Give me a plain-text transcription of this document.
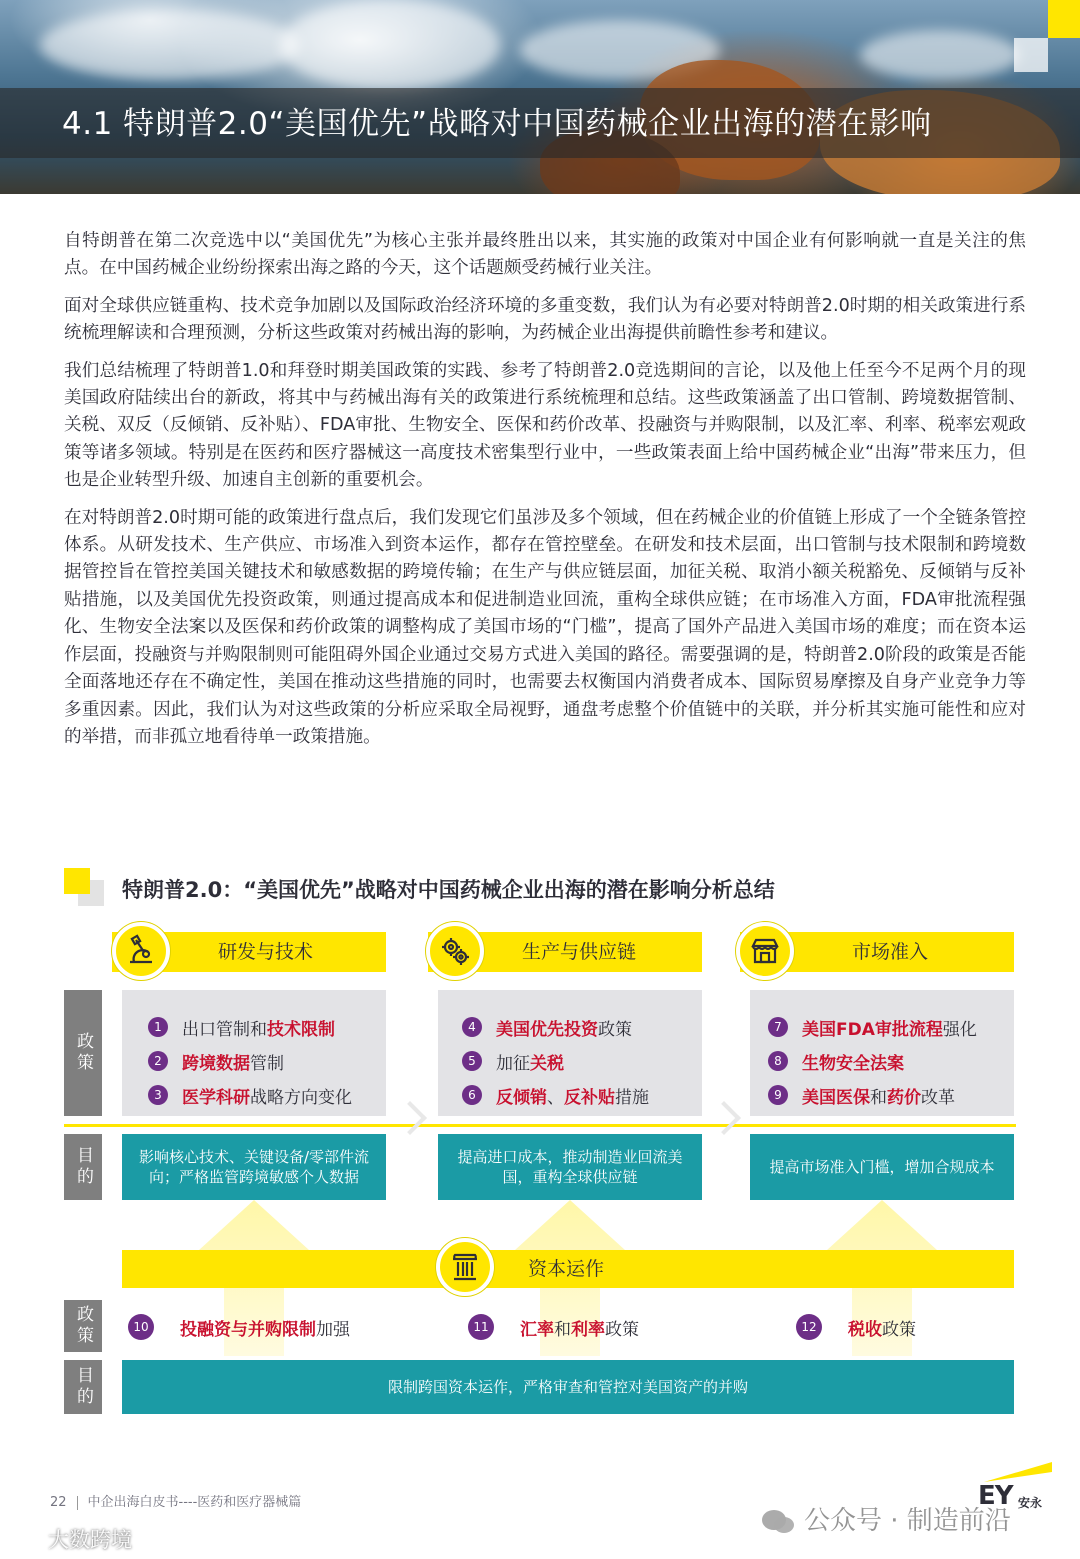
4.1 特朗普2.0“美国优先”战略对中国药械企业出海的潜在影响

自特朗普在第二次竞选中以“美国优先”为核心主张并最终胜出以来，其实施的政策对中国企业有何影响就一直是关注的焦点。在中国药械企业纷纷探索出海之路的今天，这个话题颇受药械行业关注。

面对全球供应链重构、技术竞争加剧以及国际政治经济环境的多重变数，我们认为有必要对特朗普2.0时期的相关政策进行系统梳理解读和合理预测，分析这些政策对药械出海的影响，为药械企业出海提供前瞻性参考和建议。

我们总结梳理了特朗普1.0和拜登时期美国政策的实践、参考了特朗普2.0竞选期间的言论，以及他上任至今不足两个月的现美国政府陆续出台的新政，将其中与药械出海有关的政策进行系统梳理和总结。这些政策涵盖了出口管制、跨境数据管制、关税、双反（反倾销、反补贴）、FDA审批、生物安全、医保和药价改革、投融资与并购限制，以及汇率、利率、税率宏观政策等诸多领域。特别是在医药和医疗器械这一高度技术密集型行业中，一些政策表面上给中国药械企业“出海”带来压力，但也是企业转型升级、加速自主创新的重要机会。

在对特朗普2.0时期可能的政策进行盘点后，我们发现它们虽涉及多个领域，但在药械企业的价值链上形成了一个全链条管控体系。从研发技术、生产供应、市场准入到资本运作，都存在管控壁垒。在研发和技术层面，出口管制与技术限制和跨境数据管控旨在管控美国关键技术和敏感数据的跨境传输；在生产与供应链层面，加征关税、取消小额关税豁免、反倾销与反补贴措施，以及美国优先投资政策，则通过提高成本和促进制造业回流，重构全球供应链；在市场准入方面，FDA审批流程强化、生物安全法案以及医保和药价政策的调整构成了美国市场的“门槛”，提高了国外产品进入美国市场的难度；而在资本运作层面，投融资与并购限制则可能阻碍外国企业通过交易方式进入美国的路径。需要强调的是，特朗普2.0阶段的政策是否能全面落地还存在不确定性，美国在推动这些措施的同时，也需要去权衡国内消费者成本、国际贸易摩擦及自身产业竞争力等多重因素。因此，我们认为对这些政策的分析应采取全局视野，通盘考虑整个价值链中的关联，并分析其实施可能性和应对的举措，而非孤立地看待单一政策措施。

特朗普2.0：“美国优先”战略对中国药械企业出海的潜在影响分析总结
研发与技术	生产与供应链	市场准入
政策
目的
政策
目的
1	出口管制和 技术限制
2	跨境数据 管制
3	医学科研 战略方向变化
4	美国优先投资 政策
5	加征 关税
6	反倾销 、 反补贴 措施
7	美国FDA审批流程 强化
8	生物安全法案
9	美国医保 和 药价 改革
影响核心技术、关键设备/零部件流向；严格监管跨境敏感个人数据
提高进口成本，推动制造业回流美国，重构全球供应链
提高市场准入门槛，增加合规成本
资本运作
10	投融资与并购限制 加强	11	汇率 和 利率 政策	12	税收 政策
限制跨国资本运作，严格审查和管控对美国资产的并购
22 中企出海白皮书----医药和医疗器械篇	EY 安永
公众号 · 制造前沿
大数跨境
